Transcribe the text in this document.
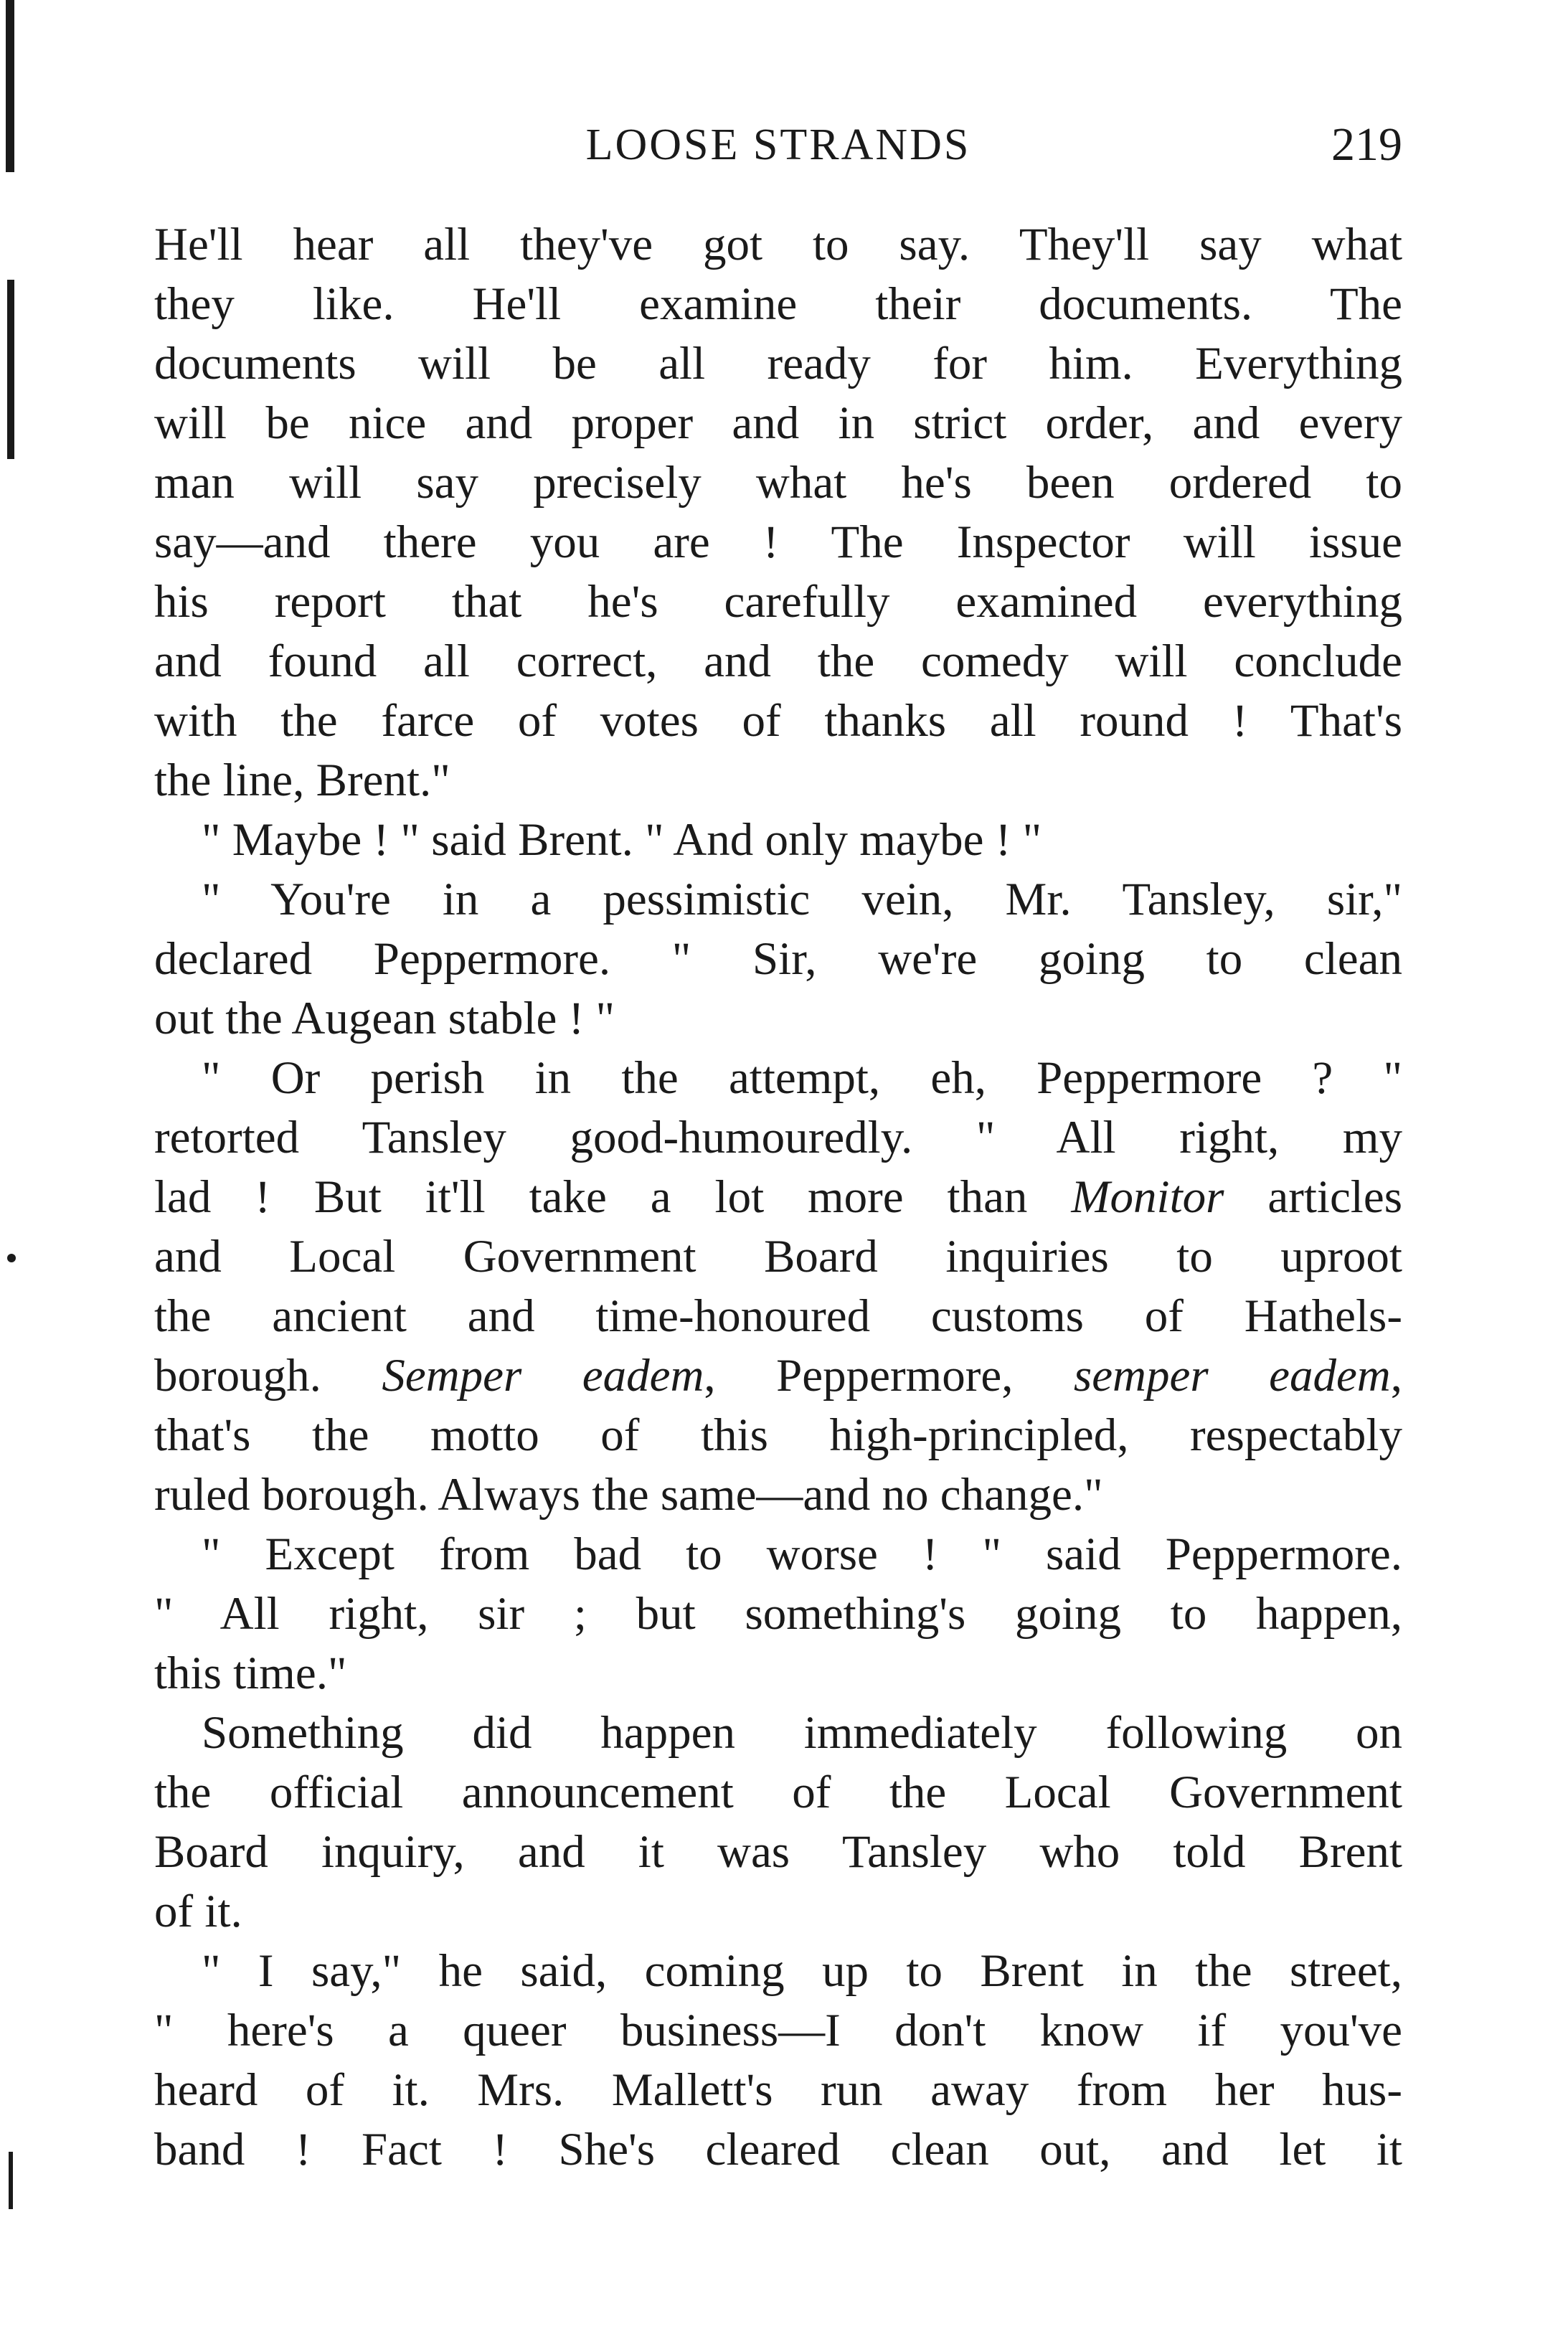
LOOSE STRANDS	219
He'll hear all they've got to say. They'll say what
they like. He'll examine their documents. The
documents will be all ready for him. Everything
will be nice and proper and in strict order, and every
man will say precisely what he's been ordered to
say—and there you are ! The Inspector will issue
his report that he's carefully examined everything
and found all correct, and the comedy will conclude
with the farce of votes of thanks all round ! That's
the line, Brent."
" Maybe ! " said Brent. " And only maybe ! "
" You're in a pessimistic vein, Mr. Tansley, sir,"
declared Peppermore. " Sir, we're going to clean
out the Augean stable ! "
" Or perish in the attempt, eh, Peppermore ? "
retorted Tansley good-humouredly. " All right, my
lad ! But it'll take a lot more than Monitor articles
and Local Government Board inquiries to uproot
the ancient and time-honoured customs of Hathels-
borough. Semper eadem, Peppermore, semper eadem,
that's the motto of this high-principled, respectably
ruled borough. Always the same—and no change."
" Except from bad to worse ! " said Peppermore.
" All right, sir ; but something's going to happen,
this time."
Something did happen immediately following on
the official announcement of the Local Government
Board inquiry, and it was Tansley who told Brent
of it.
" I say," he said, coming up to Brent in the street,
" here's a queer business—I don't know if you've
heard of it. Mrs. Mallett's run away from her hus-
band ! Fact ! She's cleared clean out, and let it
